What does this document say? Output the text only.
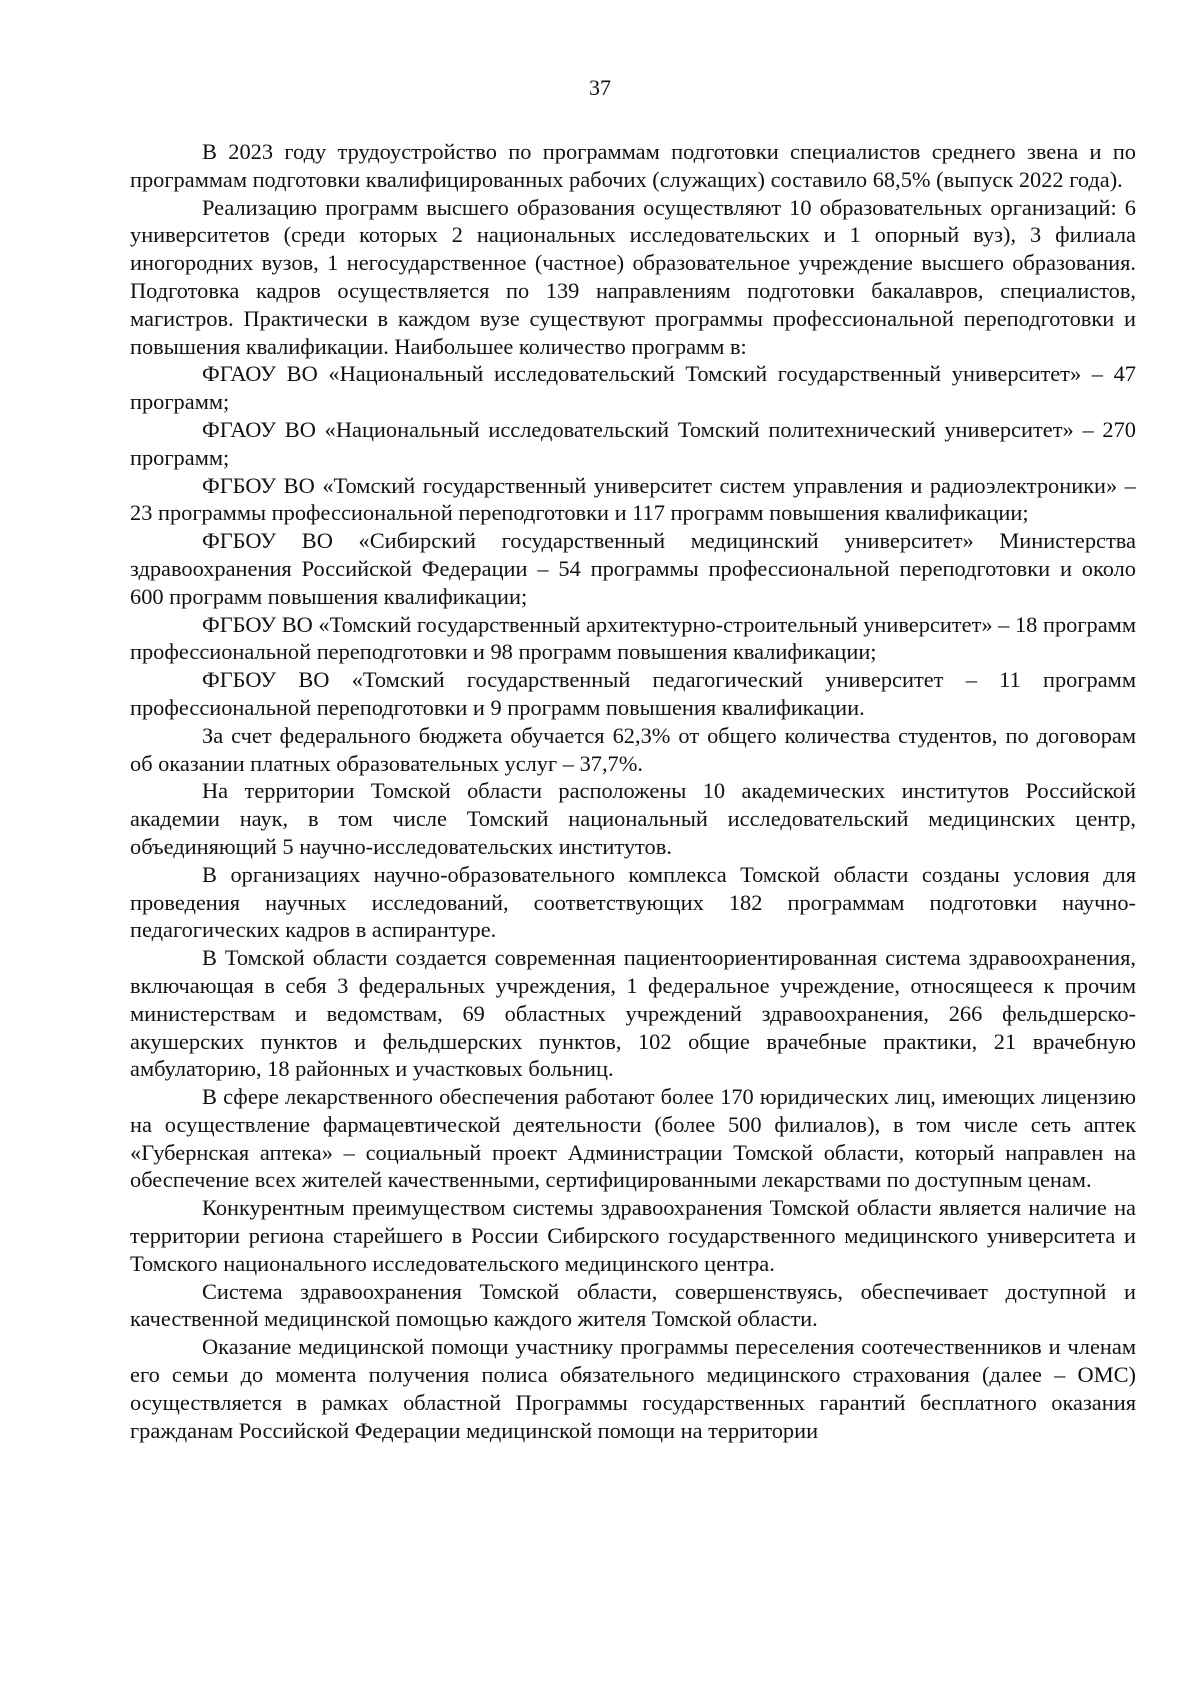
37

В 2023 году трудоустройство по программам подготовки специалистов среднего звена и по программам подготовки квалифицированных рабочих (служащих) составило 68,5% (выпуск 2022 года).

Реализацию программ высшего образования осуществляют 10 образовательных организаций: 6 университетов (среди которых 2 национальных исследовательских и 1 опорный вуз), 3 филиала иногородних вузов, 1 негосударственное (частное) образовательное учреждение высшего образования. Подготовка кадров осуществляется по 139 направлениям подготовки бакалавров, специалистов, магистров. Практически в каждом вузе существуют программы профессиональной переподготовки и повышения квалификации. Наибольшее количество программ в:

ФГАОУ ВО «Национальный исследовательский Томский государственный университет» – 47 программ;

ФГАОУ ВО «Национальный исследовательский Томский политехнический университет» – 270 программ;

ФГБОУ ВО «Томский государственный университет систем управления и радиоэлектроники» – 23 программы профессиональной переподготовки и 117 программ повышения квалификации;

ФГБОУ ВО «Сибирский государственный медицинский университет» Министерства здравоохранения Российской Федерации – 54 программы профессиональной переподготовки и около 600 программ повышения квалификации;

ФГБОУ ВО «Томский государственный архитектурно-строительный университет» – 18 программ профессиональной переподготовки и 98 программ повышения квалификации;

ФГБОУ ВО «Томский государственный педагогический университет – 11 программ профессиональной переподготовки и 9 программ повышения квалификации.

За счет федерального бюджета обучается 62,3% от общего количества студентов, по договорам об оказании платных образовательных услуг – 37,7%.

На территории Томской области расположены 10 академических институтов Российской академии наук, в том числе Томский национальный исследовательский медицинских центр, объединяющий 5 научно-исследовательских институтов.

В организациях научно-образовательного комплекса Томской области созданы условия для проведения научных исследований, соответствующих 182 программам подготовки научно-педагогических кадров в аспирантуре.

В Томской области создается современная пациентоориентированная система здравоохранения, включающая в себя 3 федеральных учреждения, 1 федеральное учреждение, относящееся к прочим министерствам и ведомствам, 69 областных учреждений здравоохранения, 266 фельдшерско-акушерских пунктов и фельдшерских пунктов, 102 общие врачебные практики, 21 врачебную амбулаторию, 18 районных и участковых больниц.

В сфере лекарственного обеспечения работают более 170 юридических лиц, имеющих лицензию на осуществление фармацевтической деятельности (более 500 филиалов), в том числе сеть аптек «Губернская аптека» – социальный проект Администрации Томской области, который направлен на обеспечение всех жителей качественными, сертифицированными лекарствами по доступным ценам.

Конкурентным преимуществом системы здравоохранения Томской области является наличие на территории региона старейшего в России Сибирского государственного медицинского университета и Томского национального исследовательского медицинского центра.

Система здравоохранения Томской области, совершенствуясь, обеспечивает доступной и качественной медицинской помощью каждого жителя Томской области.

Оказание медицинской помощи участнику программы переселения соотечественников и членам его семьи до момента получения полиса обязательного медицинского страхования (далее – ОМС) осуществляется в рамках областной Программы государственных гарантий бесплатного оказания гражданам Российской Федерации медицинской помощи на территории
